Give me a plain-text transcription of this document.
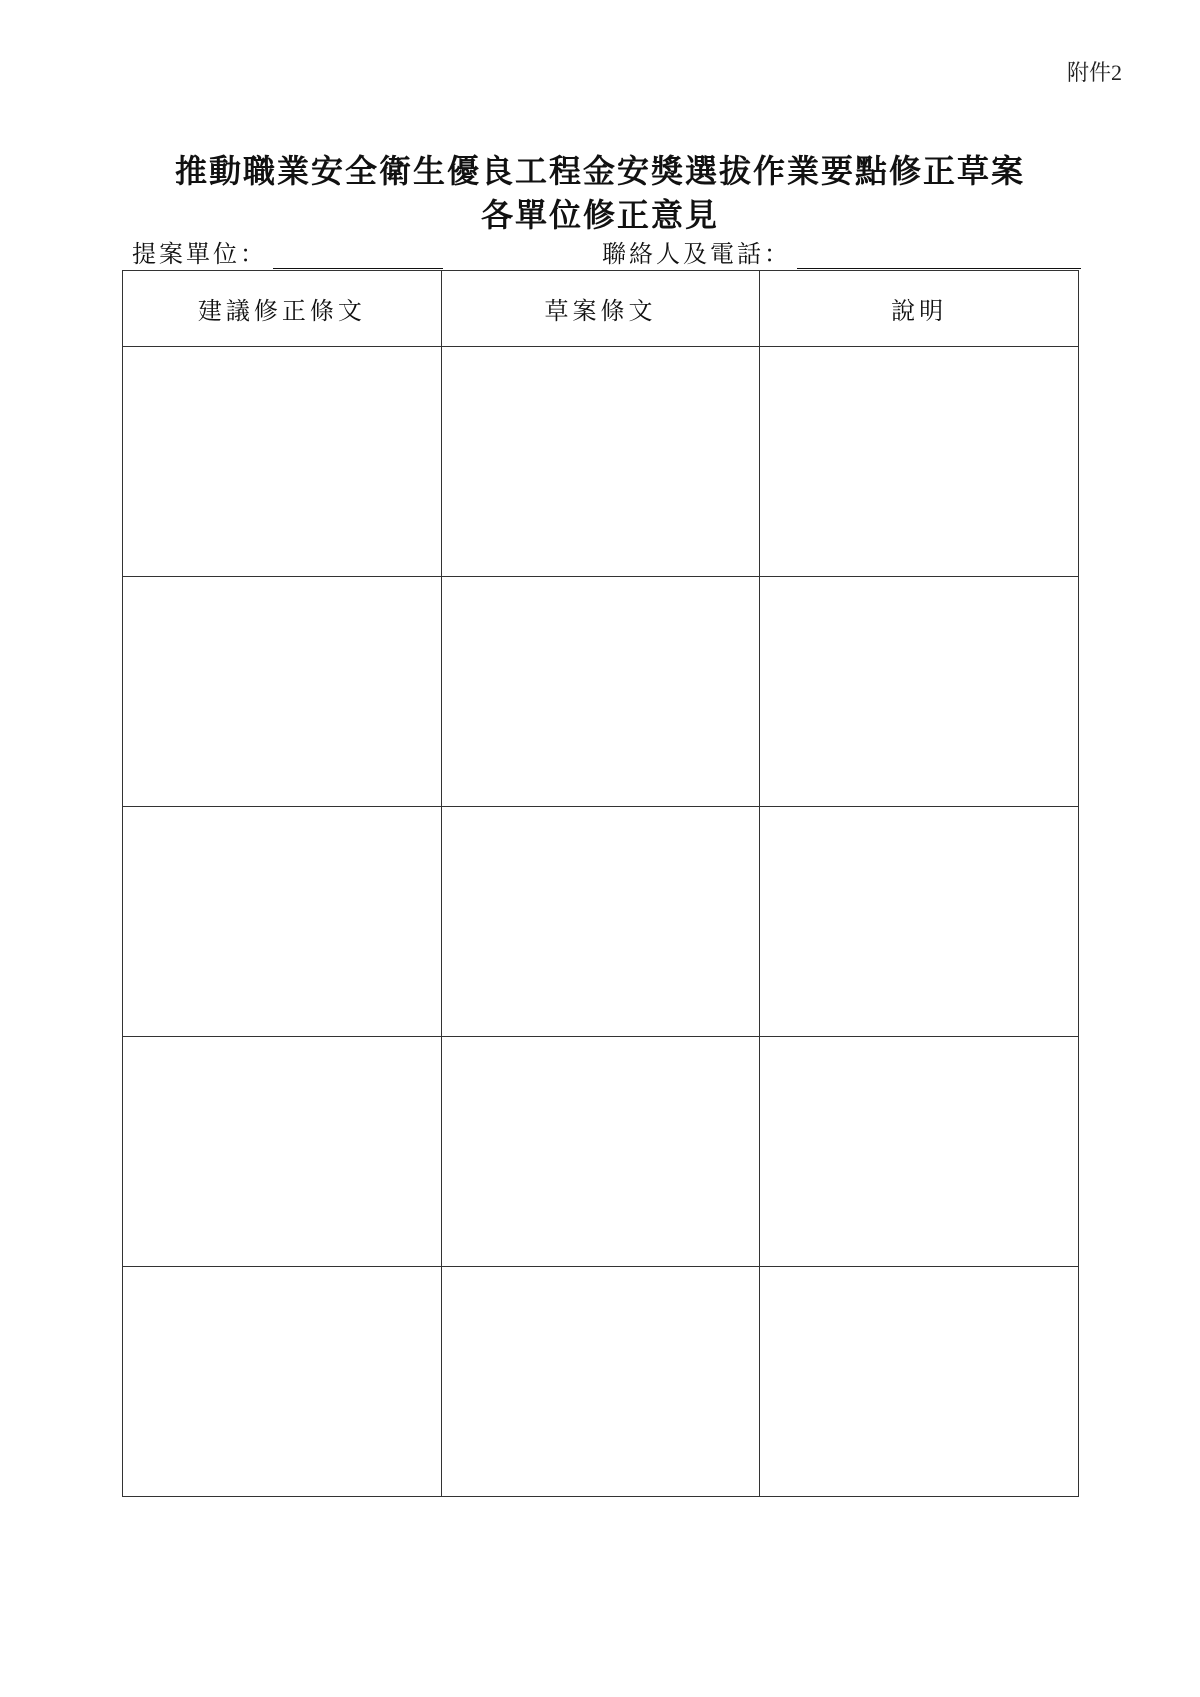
附件2
推動職業安全衛生優良工程金安獎選拔作業要點修正草案
各單位修正意見
提案單位：	聯絡人及電話：
建議修正條文	草案條文	說明
